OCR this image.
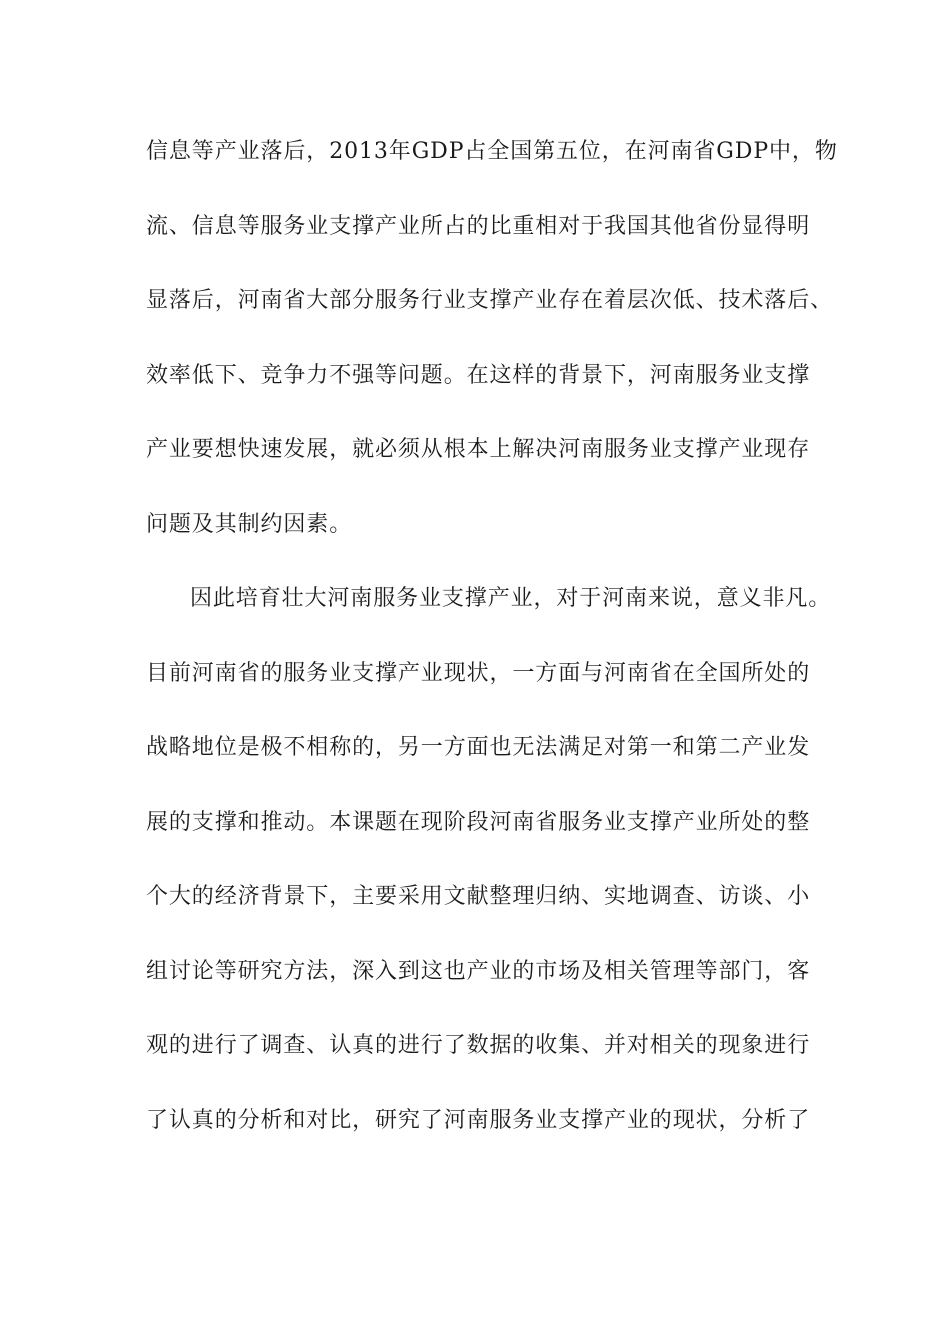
信息等产业落后，2013年GDP占全国第五位，在河南省GDP中，物
流、信息等服务业支撑产业所占的比重相对于我国其他省份显得明
显落后，河南省大部分服务行业支撑产业存在着层次低、技术落后、
效率低下、竞争力不强等问题。在这样的背景下，河南服务业支撑
产业要想快速发展，就必须从根本上解决河南服务业支撑产业现存
问题及其制约因素。
因此培育壮大河南服务业支撑产业，对于河南来说，意义非凡。
目前河南省的服务业支撑产业现状，一方面与河南省在全国所处的
战略地位是极不相称的，另一方面也无法满足对第一和第二产业发
展的支撑和推动。本课题在现阶段河南省服务业支撑产业所处的整
个大的经济背景下，主要采用文献整理归纳、实地调查、访谈、小
组讨论等研究方法，深入到这也产业的市场及相关管理等部门，客
观的进行了调查、认真的进行了数据的收集、并对相关的现象进行
了认真的分析和对比，研究了河南服务业支撑产业的现状，分析了
